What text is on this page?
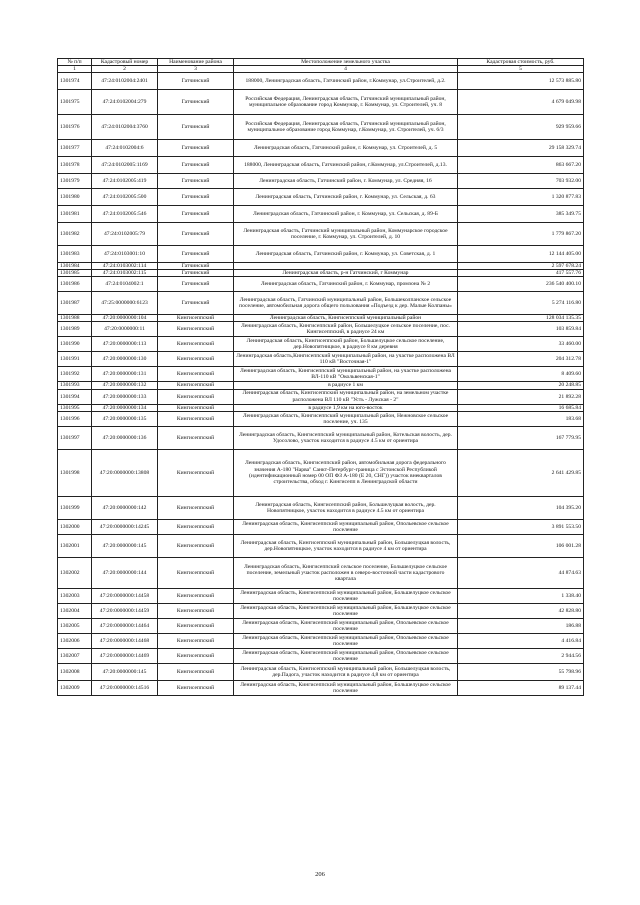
№ п/п	Кадастровый номер	Наименование района	Местоположение земельного участка	Кадастровая стоимость, руб.
1	2	3	4	5
1301974	47:24:0102004:2401	Гатчинский	188000, Ленинградская область, Гатчинский район, г.Коммунар, ул.Строителей, д.2.	12 573 885.80
1301975	47:24:0102004:279	Гатчинский	Российская Федерация, Ленинградская область, Гатчинский муниципальный район, муниципальное образование город Коммунар, г. Коммунар, ул. Строителей, уч. 8	4 679 049.98
1301976	47:24:0102004:3760	Гатчинский	Российская Федерация, Ленинградская область, Гатчинский муниципальный район, муниципальное образование город Коммунар, г.Коммунар, ул. Строителей, уч. 6/3	929 959.66
1301977	47:24:0102004:6	Гатчинский	Ленинградская область, Гатчинский район, г. Коммунар, ул. Строителей, д. 5	29 158 329.74
1301978	47:24:0102005:1169	Гатчинский	188000, Ленинградская область, Гатчинский район, г.Коммунар, ул.Строителей, д.13.	863 667.20
1301979	47:24:0102005:419	Гатчинский	Ленинградская область, Гатчинский район, г. Коммунар, ул. Средняя, 16	703 932.00
1301980	47:24:0102005:500	Гатчинский	Ленинградская область, Гатчинский район, г. Коммунар, ул. Сельская, д. 63	1 320 877.83
1301981	47:24:0102005:546	Гатчинский	Ленинградская область, Гатчинский район, г. Коммунар, ул. Сельская, д. 89-Б	385 349.75
1301982	47:24:0102005:79	Гатчинский	Ленинградская область, Гатчинский муниципальный район, Коммунарское городское поселение, г. Коммунар, ул. Строителей, д. 10	1 779 867.20
1301983	47:24:0103001:10	Гатчинский	Ленинградская область, Гатчинский район, г. Коммунар, ул. Советская, д. 1	12 144 405.00
1301984	47:24:0103002:114	Гатчинский		2 597 678.24
1301985	47:24:0103002:115	Гатчинский	Ленинградская область, р-н Гатчинский, г Коммунар	417 557.76
1301986	47:24:0104002:1	Гатчинский	Ленинградская область, Гатчинский район, г. Коммунар, промзона № 2	236 540 400.10
1301987	47:25:0000000:6123	Гатчинский	Ленинградская область, Гатчинский муниципальный район, Большеколпанское сельское поселение, автомобильная дорога общего пользования «Подъезд к дер. Малые Колпаны»	5 274 116.80
1301988	47:20:0000000:104	Кингисеппский	Ленинградская область, Кингисеппский муниципальный район	128 034 135.35
1301989	47:20:0000000:11	Кингисеппский	Ленинградская область, Кингисеппский район, Большелуцкое сельское поселение, пос. Кингисеппский, в радиусе 24 км	103 859.84
1301990	47:20:0000000:113	Кингисеппский	Ленинградская область, Кингисеппский район, Большелуцкое сельское поселение, дер.Новопятницкое, в радиусе 8 км деревня	33 460.00
1301991	47:20:0000000:130	Кингисеппский	Ленинградская область,Кингисеппский муниципальный район, на участке расположена ВЛ 110 кВ "Восточная-1"	204 312.78
1301992	47:20:0000000:131	Кингисеппский	Ленинградская область, Кингисеппский муниципальный район, на участке расположена ВЛ-110 кВ "Окольвенская-1"	8 409.60
1301993	47:20:0000000:132	Кингисеппский	в радиусе 1 км	20 248.85
1301994	47:20:0000000:133	Кингисеппский	Ленинградская область, Кингисеппский муниципальный район, на земельном участке расположена ВЛ 110 кВ "Усть - Лужская - 2"	21 892.28
1301995	47:20:0000000:134	Кингисеппский	в радиусе 1,9 км на юго-восток	16 685.84
1301996	47:20:0000000:135	Кингисеппский	Ленинградская область, Кингисеппский муниципальный район, Нежновское сельское поселение, уч. 135	183.68
1301997	47:20:0000000:136	Кингисеппский	Ленинградская область, Кингисеппский муниципальный район, Котельская волость, дер. Удосолово, участок находится в радиусе 4.5 км от ориентира	167 779.95
1301998	47:20:0000000:13808	Кингисеппский	Ленинградская область, Кингисеппский район, автомобильная дорога федерального значения А-180 "Нарва" Санкт-Петербург-граница с Эстонской Республикой (идентификационный номер 00 ОП ФЗ А-180 (Е 20, СНГ)) участок внекварталов строительства, обход г. Кингисепп в Ленинградской области	2 641 429.85
1301999	47:20:0000000:142	Кингисеппский	Ленинградская область, Кингисеппский район, Большелуцкая волость, дер. Новопятницкое, участок находится в радиусе 4.5 км от ориентира	104 395.20
1302000	47:20:0000000:14245	Кингисеппский	Ленинградская область, Кингисеппский муниципальный район, Опольевское сельское поселение	3 891 553.50
1302001	47:20:0000000:145	Кингисеппский	Ленинградская область, Кингисеппский муниципальный район, Большелуцкая волость, дер.Новопятницкое, участок находится в радиусе 4 км от ориентира	106 001.28
1302002	47:20:0000000:144	Кингисеппский	Ленинградская область, Кингисеппский сельское поселение, Большелуцкое сельское поселение, земельный участок расположен в северо-восточной части кадастрового квартала	44 874.63
1302003	47:20:0000000:14458	Кингисеппский	Ленинградская область, Кингисеппский муниципальный район, Большелуцкое сельское поселение	1 338.40
1302004	47:20:0000000:14459	Кингисеппский	Ленинградская область, Кингисеппский муниципальный район, Большелуцкое сельское поселение	42 828.80
1302005	47:20:0000000:14464	Кингисеппский	Ленинградская область, Кингисеппский муниципальный район, Опольевское сельское поселение	186.88
1302006	47:20:0000000:14468	Кингисеппский	Ленинградская область, Кингисеппский муниципальный район, Опольевское сельское поселение	4 416.84
1302007	47:20:0000000:14469	Кингисеппский	Ленинградская область, Кингисеппский муниципальный район, Опольевское сельское поселение	2 944.56
1302008	47:20:0000000:145	Кингисеппский	Ленинградская область, Кингисеппский муниципальный район, Большелуцкая волость, дер.Падога, участок находится в радиусе 4,8 км от ориентира	55 798.96
1302009	47:20:0000000:14516	Кингисеппский	Ленинградская область, Кингисеппский муниципальный район, Большелуцкое сельское поселение	89 137.44
206
